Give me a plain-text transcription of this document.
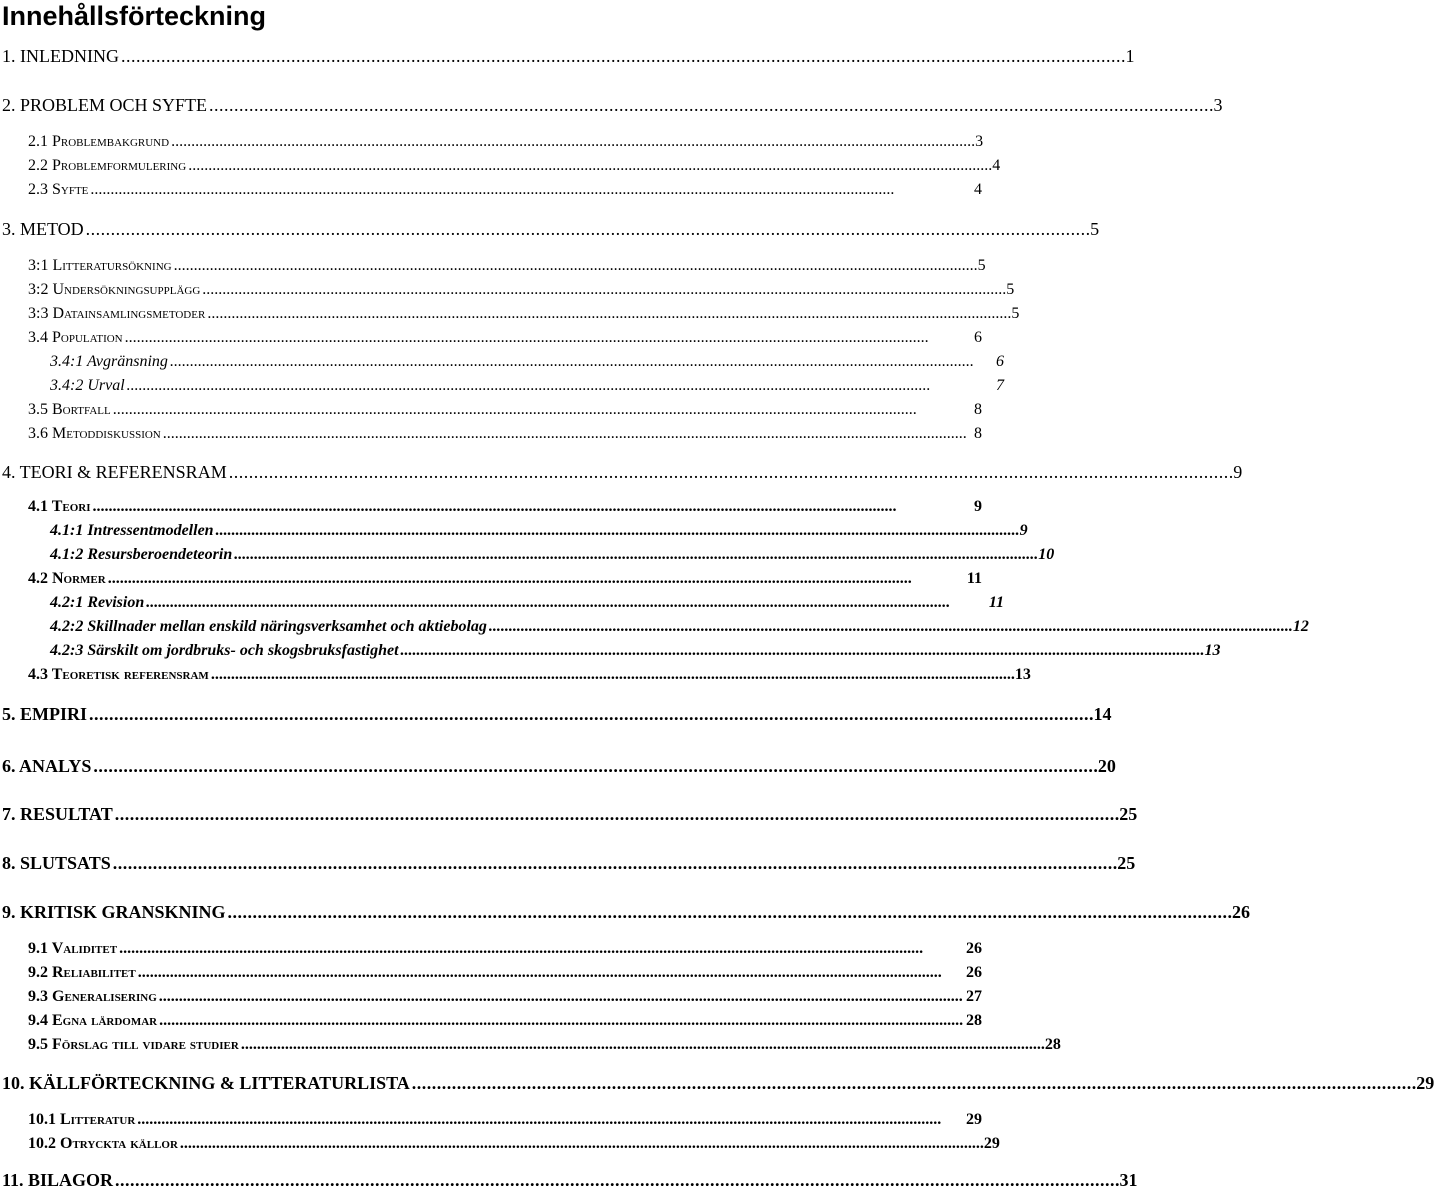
Innehållsförteckning
1. INLEDNING . . .	1
2. PROBLEM OCH SYFTE . . .	3
2.1 Problembakgrund . . .	3
2.2 Problemformulering . . .	4
2.3 Syfte . . .	4
3. METOD . . .	5
3:1 Litteratursökning . . .	5
3:2 Undersökningsupplägg . . .	5
3:3 Datainsamlingsmetoder . . .	5
3.4 Population . . .	6
3.4:1 Avgränsning . . .	6
3.4:2 Urval . . .	7
3.5 Bortfall . . .	8
3.6 Metoddiskussion . . .	8
4. TEORI & REFERENSRAM . . .	9
4.1 Teori . . .	9
4.1:1 Intressentmodellen . . .	9
4.1:2 Resursberoendeteorin . . .	10
4.2 Normer . . .	11
4.2:1 Revision . . .	11
4.2:2 Skillnader mellan enskild näringsverksamhet och aktiebolag . . .	12
4.2:3 Särskilt om jordbruks- och skogsbruksfastighet . . .	13
4.3 Teoretisk referensram . . .	13
5. EMPIRI . . .	14
6. ANALYS . . .	20
7. RESULTAT . . .	25
8. SLUTSATS . . .	25
9. KRITISK GRANSKNING . . .	26
9.1 Validitet . . .	26
9.2 Reliabilitet . . .	26
9.3 Generalisering . . .	27
9.4 Egna lärdomar . . .	28
9.5 Förslag till vidare studier . . .	28
10. KÄLLFÖRTECKNING & LITTERATURLISTA . . .	29
10.1 Litteratur . . .	29
10.2 Otryckta källor . . .	29
11. BILAGOR . . .	31
